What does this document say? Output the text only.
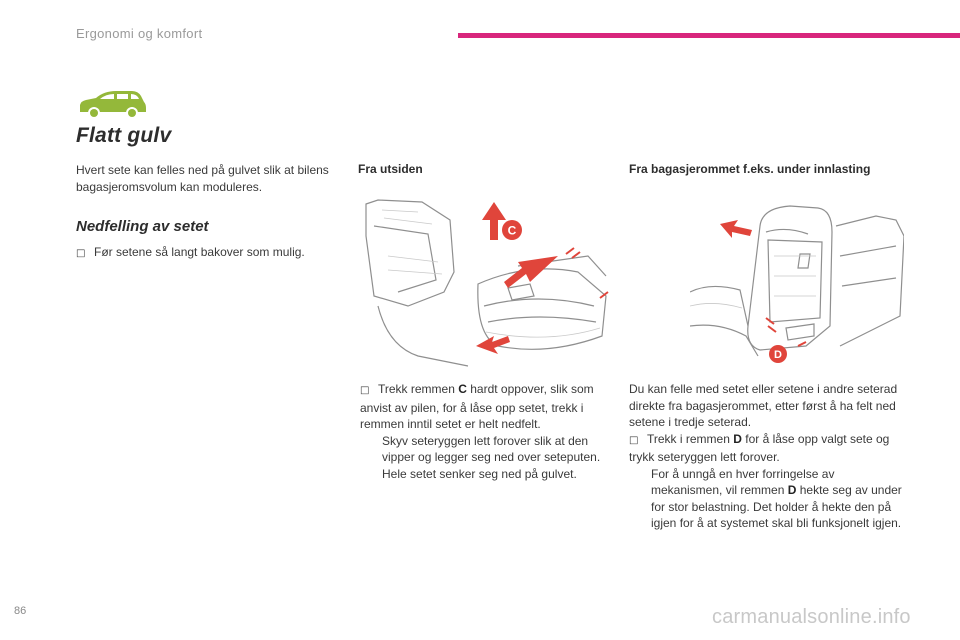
Ergonomi og komfort
Flatt gulv
Hvert sete kan felles ned på gulvet slik at bilens bagasjeromsvolum kan moduleres.
Nedfelling av setet
□ Før setene så langt bakover som mulig.
Fra utsiden	Fra bagasjerommet f.eks. under innlasting
C
D
□ Trekk remmen C hardt oppover, slik som anvist av pilen, for å låse opp setet, trekk i remmen inntil setet er helt nedfelt.
Skyv seteryggen lett forover slik at den vipper og legger seg ned over seteputen.
Hele setet senker seg ned på gulvet.
Du kan felle med setet eller setene i andre seterad direkte fra bagasjerommet, etter først å ha felt ned setene i tredje seterad.
□ Trekk i remmen D for å låse opp valgt sete og trykk seteryggen lett forover.
For å unngå en hver forringelse av mekanismen, vil remmen D hekte seg av under for stor belastning. Det holder å hekte den på igjen for å at systemet skal bli funksjonelt igjen.
86	carmanualsonline.info
